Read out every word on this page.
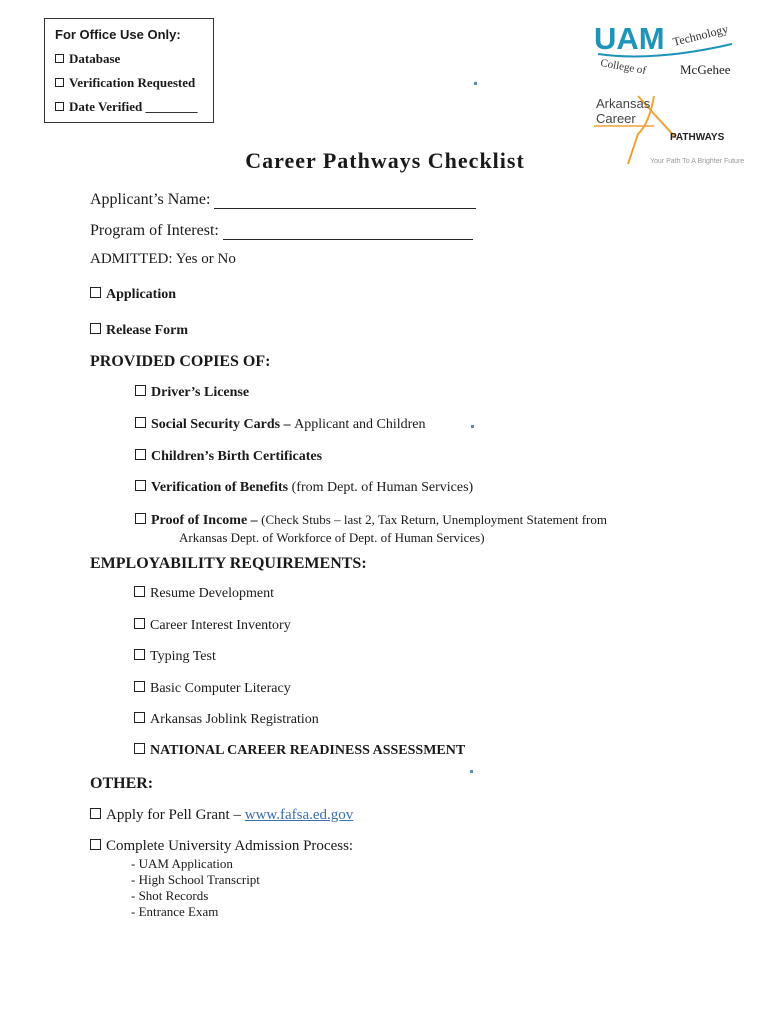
For Office Use Only:
Database
Verification Requested
Date Verified ________
UAM Technology
College of	McGehee
Arkansas
Career
PATHWAYS
Your Path To A Brighter Future
Career Pathways Checklist
Applicant’s Name:
Program of Interest:
ADMITTED: Yes or No
Application
Release Form
PROVIDED COPIES OF:
Driver’s License
Social Security Cards – Applicant and Children
Children’s Birth Certificates
Verification of Benefits (from Dept. of Human Services)
Proof of Income – (Check Stubs – last 2, Tax Return, Unemployment Statement from
Arkansas Dept. of Workforce of Dept. of Human Services)
EMPLOYABILITY REQUIREMENTS:
Resume Development
Career Interest Inventory
Typing Test
Basic Computer Literacy
Arkansas Joblink Registration
NATIONAL CAREER READINESS ASSESSMENT
OTHER:
Apply for Pell Grant – www.fafsa.ed.gov
Complete University Admission Process:
- UAM Application
- High School Transcript
- Shot Records
- Entrance Exam
